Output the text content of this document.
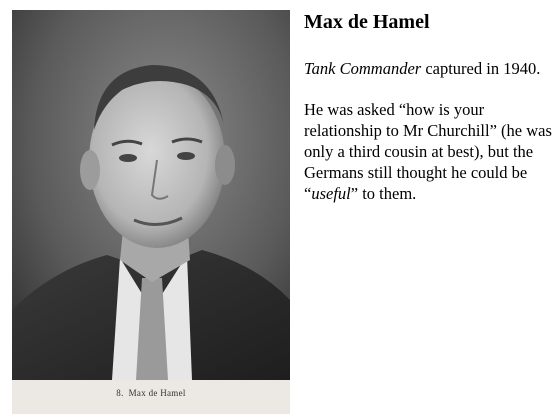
8. Max de Hamel
Max de Hamel

Tank Commander captured in 1940.

He was asked “how is your relationship to Mr Churchill” (he was only a third cousin at best), but the Germans still thought he could be “useful” to them.
